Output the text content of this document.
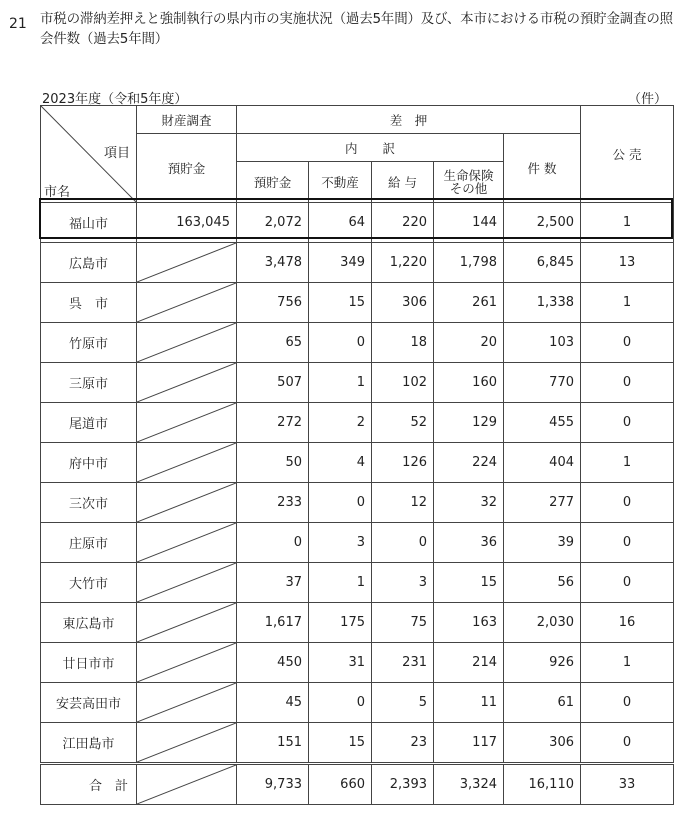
21 市税の滞納差押えと強制執行の県内市の実施状況（過去5年間）及び、本市における市税の預貯金調査の照会件数（過去5年間）
2023年度（令和5年度）	（件）
項目
市名	財産調査	差　押					公 売
	預貯金	内　　訳				件 数	
		預貯金	不動産	給 与	生命保険
その他		
福山市	163,045	2,072	64	220	144	2,500	1
広島市		3,478	349	1,220	1,798	6,845	13
呉　市		756	15	306	261	1,338	1
竹原市		65	0	18	20	103	0
三原市		507	1	102	160	770	0
尾道市		272	2	52	129	455	0
府中市		50	4	126	224	404	1
三次市		233	0	12	32	277	0
庄原市		0	3	0	36	39	0
大竹市		37	1	3	15	56	0
東広島市		1,617	175	75	163	2,030	16
廿日市市		450	31	231	214	926	1
安芸高田市		45	0	5	11	61	0
江田島市		151	15	23	117	306	0
合　計		9,733	660	2,393	3,324	16,110	33
